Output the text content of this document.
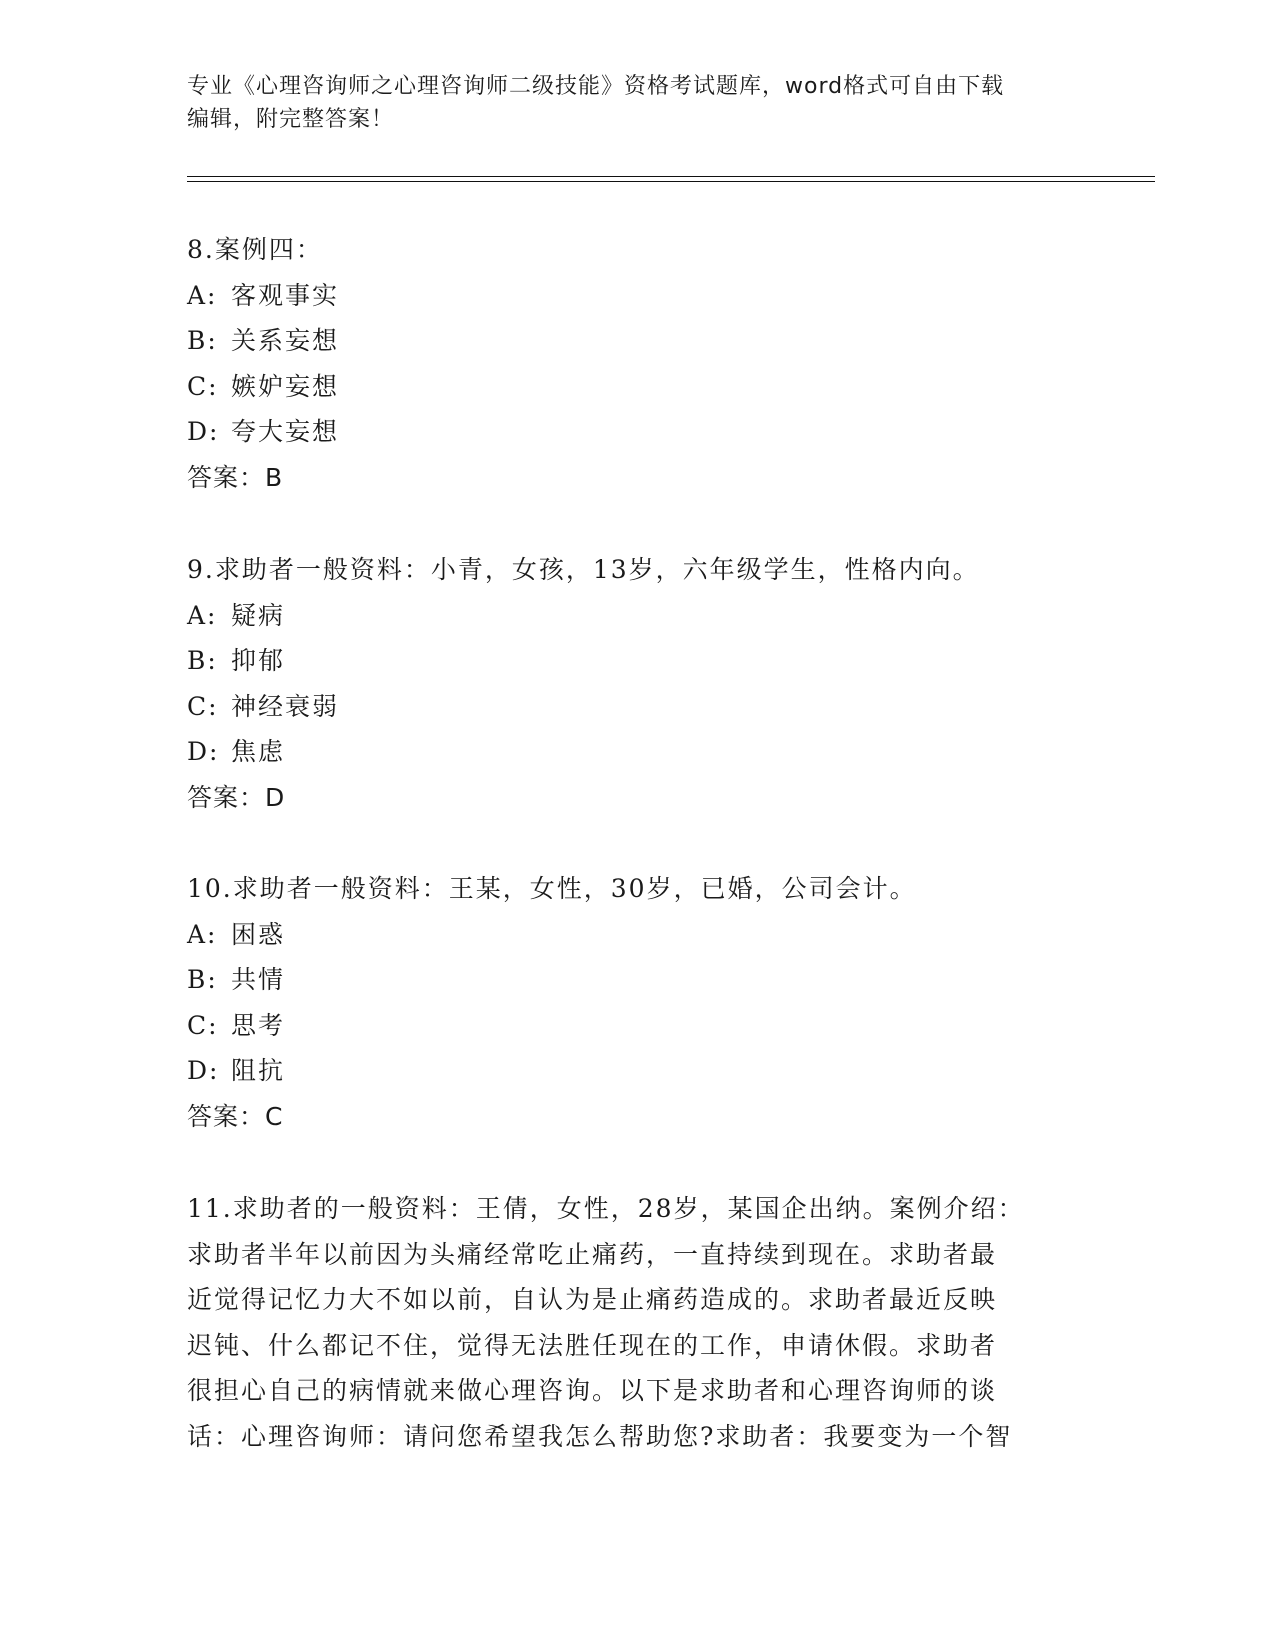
专业《心理咨询师之心理咨询师二级技能》资格考试题库，word格式可自由下载
编辑，附完整答案！
8.案例四：
A: 客观事实
B: 关系妄想
C: 嫉妒妄想
D: 夸大妄想
答案：B
9.求助者一般资料：小青，女孩，13岁，六年级学生，性格内向。
A: 疑病
B: 抑郁
C: 神经衰弱
D: 焦虑
答案：D
10.求助者一般资料：王某，女性，30岁，已婚，公司会计。
A: 困惑
B: 共情
C: 思考
D: 阻抗
答案：C
11.求助者的一般资料：王倩，女性，28岁，某国企出纳。案例介绍：
求助者半年以前因为头痛经常吃止痛药，一直持续到现在。求助者最
近觉得记忆力大不如以前，自认为是止痛药造成的。求助者最近反映
迟钝、什么都记不住，觉得无法胜任现在的工作，申请休假。求助者
很担心自己的病情就来做心理咨询。以下是求助者和心理咨询师的谈
话：心理咨询师：请问您希望我怎么帮助您?求助者：我要变为一个智
